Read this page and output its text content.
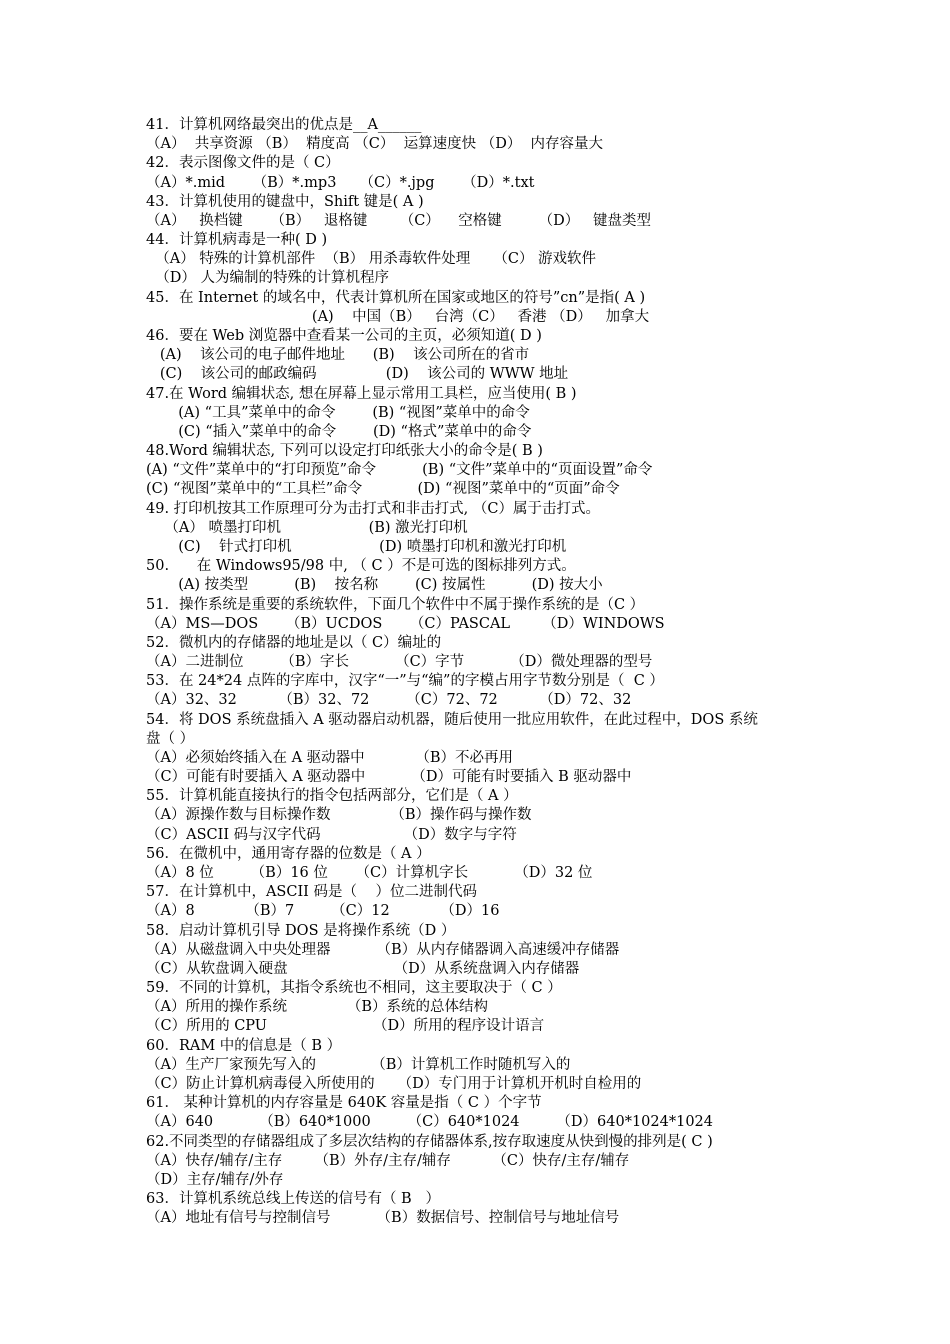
41．计算机网络最突出的优点是__A______
（A）  共享资源 （B）  精度高 （C）  运算速度快 （D）  内存容量大
42．表示图像文件的是（ C）
（A）*.mid      （B）*.mp3     （C）*.jpg      （D）*.txt
43．计算机使用的键盘中，Shift 键是( A )
（A）   换档键      （B）   退格键       （C）    空格键        （D）   键盘类型
44．计算机病毒是一种( D )
（A） 特殊的计算机部件  （B） 用杀毒软件处理     （C） 游戏软件
（D） 人为编制的特殊的计算机程序
45．在 Internet 的域名中，代表计算机所在国家或地区的符号”cn”是指( A )
(A)    中国（B）   台湾（C）   香港 （D）   加拿大
46．要在 Web 浏览器中查看某一公司的主页，必须知道( D )
(A)    该公司的电子邮件地址      (B)    该公司所在的省市
(C)    该公司的邮政编码               (D)    该公司的 WWW 地址
47.在 Word 编辑状态, 想在屏幕上显示常用工具栏，应当使用( B )
(A) “工具”菜单中的命令        (B) “视图”菜单中的命令
(C) “插入”菜单中的命令        (D) “格式”菜单中的命令
48.Word 编辑状态, 下列可以设定打印纸张大小的命令是( B )
(A) “文件”菜单中的“打印预览”命令          (B) “文件”菜单中的“页面设置”命令
(C) “视图”菜单中的“工具栏”命令            (D) “视图”菜单中的“页面”命令
49. 打印机按其工作原理可分为击打式和非击打式, （C）属于击打式。
（A） 喷墨打印机                   (B) 激光打印机
(C)    针式打印机                   (D) 喷墨打印机和激光打印机
50.      在 Windows95/98 中, （ C ）不是可选的图标排列方式。
(A) 按类型          (B)    按名称        (C) 按属性          (D) 按大小
51．操作系统是重要的系统软件，下面几个软件中不属于操作系统的是（C ）
（A）MS—DOS      （B）UCDOS      （C）PASCAL       （D）WINDOWS
52．微机内的存储器的地址是以（ C）编址的
（A）二进制位        （B）字长          （C）字节          （D）微处理器的型号
53．在 24*24 点阵的字库中，汉字“一”与“编”的字模占用字节数分别是（  C ）
（A）32、32         （B）32、72        （C）72、72         （D）72、32
54．将 DOS 系统盘插入 A 驱动器启动机器，随后使用一批应用软件，在此过程中，DOS 系统
盘（ ）
（A）必须始终插入在 A 驱动器中           （B）不必再用
（C）可能有时要插入 A 驱动器中          （D）可能有时要插入 B 驱动器中
55．计算机能直接执行的指令包括两部分，它们是（ A ）
（A）源操作数与目标操作数             （B）操作码与操作数
（C）ASCII 码与汉字代码                  （D）数字与字符
56．在微机中，通用寄存器的位数是（ A ）
（A）8 位        （B）16 位      （C）计算机字长          （D）32 位
57．在计算机中，ASCII 码是（    ）位二进制代码
（A）8           （B）7        （C）12           （D）16
58．启动计算机引导 DOS 是将操作系统（D ）
（A）从磁盘调入中央处理器          （B）从内存储器调入高速缓冲存储器
（C）从软盘调入硬盘                       （D）从系统盘调入内存储器
59．不同的计算机，其指令系统也不相同，这主要取决于（ C ）
（A）所用的操作系统             （B）系统的总体结构
（C）所用的 CPU                       （D）所用的程序设计语言
60．RAM 中的信息是（ B ）
（A）生产厂家预先写入的            （B）计算机工作时随机写入的
（C）防止计算机病毒侵入所使用的     （D）专门用于计算机开机时自检用的
61． 某种计算机的内存容量是 640K 容量是指（ C ）个字节
（A）640          （B）640*1000        （C）640*1024        （D）640*1024*1024
62.不同类型的存储器组成了多层次结构的存储器体系,按存取速度从快到慢的排列是( C )
（A）快存/辅存/主存       （B）外存/主存/辅存         （C）快存/主存/辅存
（D）主存/辅存/外存
63．计算机系统总线上传送的信号有（ B   ）
（A）地址有信号与控制信号          （B）数据信号、控制信号与地址信号
